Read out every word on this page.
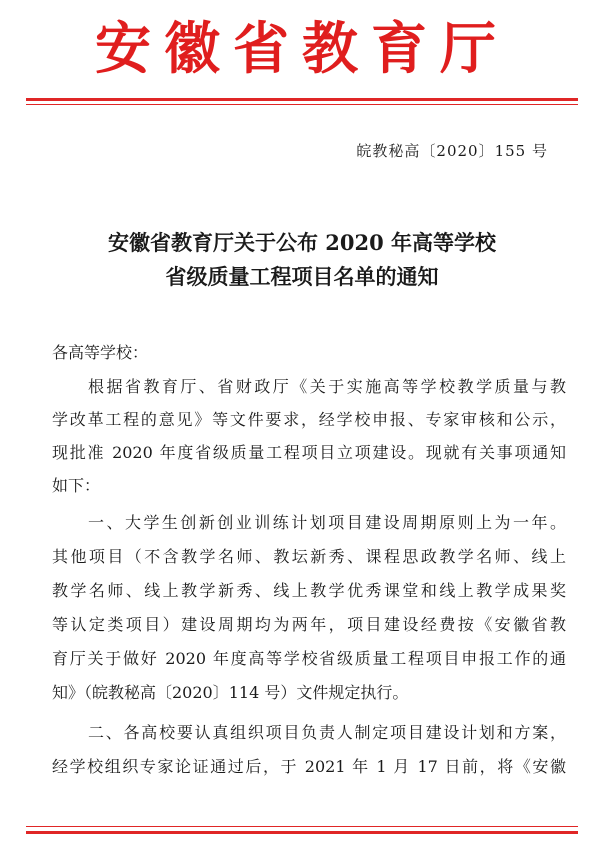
安徽省教育厅
皖教秘高〔2020〕155 号
安徽省教育厅关于公布 2020 年高等学校
省级质量工程项目名单的通知
各高等学校：
根据省教育厅、省财政厅《关于实施高等学校教学质量与教
学改革工程的意见》等文件要求，经学校申报、专家审核和公示，
现批准 2020 年度省级质量工程项目立项建设。现就有关事项通知
如下：
一、大学生创新创业训练计划项目建设周期原则上为一年。
其他项目（不含教学名师、教坛新秀、课程思政教学名师、线上
教学名师、线上教学新秀、线上教学优秀课堂和线上教学成果奖
等认定类项目）建设周期均为两年，项目建设经费按《安徽省教
育厅关于做好 2020 年度高等学校省级质量工程项目申报工作的通
知》（皖教秘高〔2020〕114 号）文件规定执行。
二、各高校要认真组织项目负责人制定项目建设计划和方案，
经学校组织专家论证通过后，于 2021 年 1 月 17 日前，将《安徽
